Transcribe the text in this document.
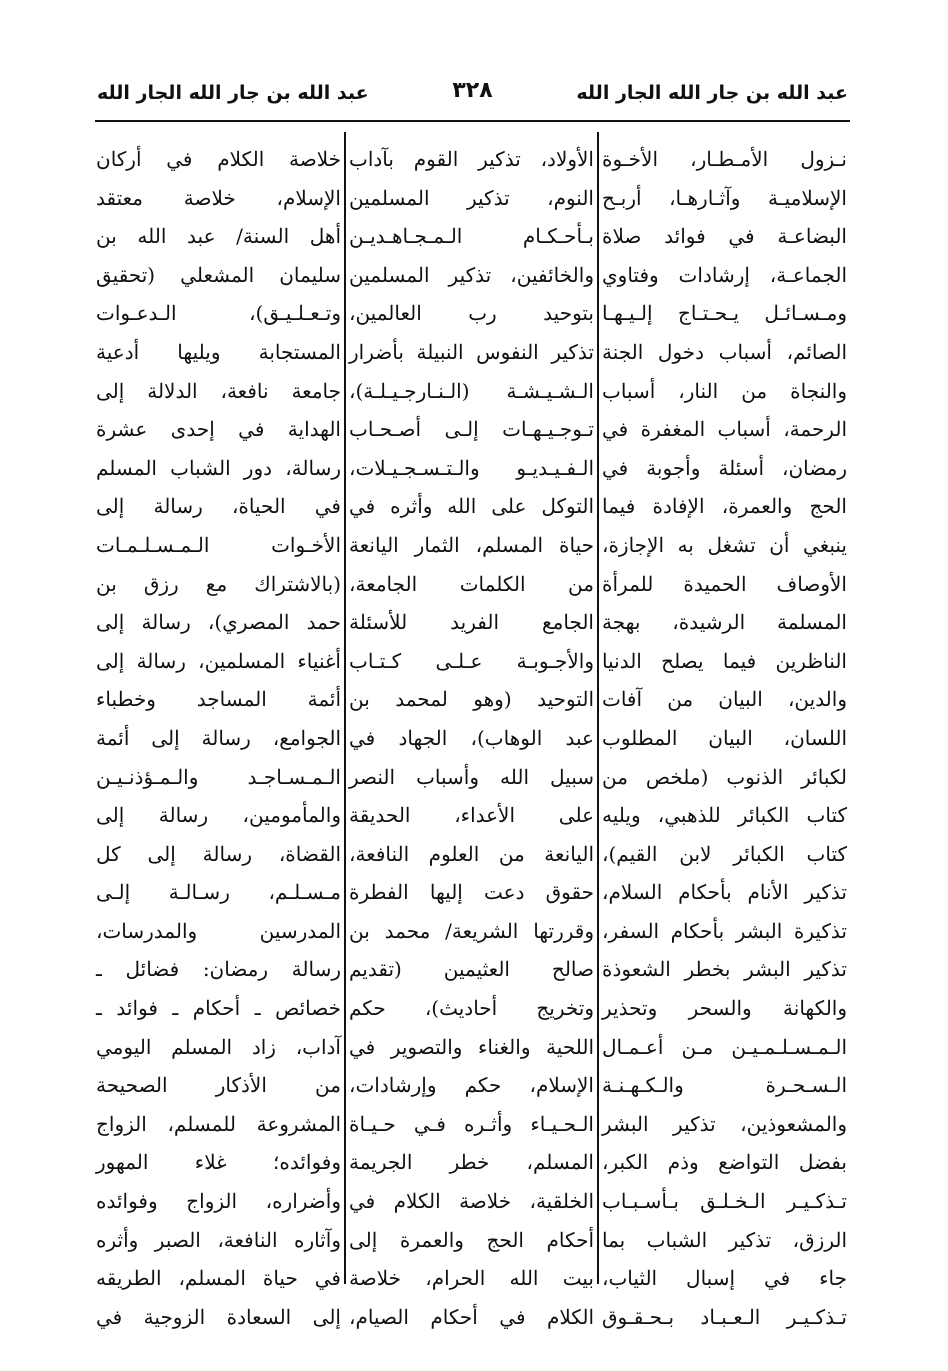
عبد الله بن جار الله الجار الله
٣٢٨
عبد الله بن جار الله الجار الله
نـزول الأمـطـار، الأخـوة
الإسلاميـة وآثـارهـا، أربـح
البضاعـة في فوائد صلاة
الجماعـة، إرشادات وفتاوي
ومـسـائـل يـحـتـاج إلـيـهـا
الصائم، أسباب دخول الجنة
والنجاة من النار، أسباب
الرحمة، أسباب المغفرة في
رمضان، أسئلة وأجوبة في
الحج والعمرة، الإفادة فيما
ينبغي أن تشغل به الإجازة،
الأوصاف الحميدة للمرأة
المسلمة الرشيدة، بهجة
الناظرين فيما يصلح الدنيا
والدين، البيان من آفات
اللسان، البيان المطلوب
لكبائر الذنوب (ملخص من
كتاب الكبائر للذهبي، ويليه
كتاب الكبائر لابن القيم)،
تذكير الأنام بأحكام السلام،
تذكيرة البشر بأحكام السفر،
تذكير البشر بخطر الشعوذة
والكهانة والسحر وتحذير
الـمـسـلـمـيـن مـن أعـمـال
الـسـحـرة والـكـهـنـة
والمشعوذين، تذكير البشر
بفضل التواضع وذم الكبر،
تـذكـيـر الـخـلـق بـأسـبـاب
الرزق، تذكير الشباب بما
جاء في إسبال الثياب،
تـذكـيـر الـعـبـاد بـحـقـوق
الأولاد، تذكير القوم بآداب
النوم، تذكير المسلمين
بـأحـكـام الـمـجـاهـديـن
والخائفين، تذكير المسلمين
بتوحيد رب العالمين،
تذكير النفوس النبيلة بأضرار
الـشـيـشـة (الـنـارجـيـلـة)،
تـوجـيـهـات إلـى أصـحـاب
الـفـيـديـو والـتـسـجـيـلات،
التوكل على الله وأثره في
حياة المسلم، الثمار اليانعة
من الكلمات الجامعة،
الجامع الفريد للأسئلة
والأجـوبـة عـلـى كـتـاب
التوحيد (وهو لمحمد بن
عبد الوهاب)، الجهاد في
سبيل الله وأسباب النصر
على الأعداء، الحديقة
اليانعة من العلوم النافعة،
حقوق دعت إليها الفطرة
وقررتها الشريعة/ محمد بن
صالح العثيمين (تقديم
وتخريج أحاديث)، حكم
اللحية والغناء والتصوير في
الإسلام، حكم وإرشادات،
الـحـيـاء وأثـره فـي حـيـاة
المسلم، خطر الجريمة
الخلقية، خلاصة الكلام في
أحكام الحج والعمرة إلى
بيت الله الحرام، خلاصة
الكلام في أحكام الصيام،
خلاصة الكلام في أركان
الإسلام، خلاصة معتقد
أهل السنة/ عبد الله بن
سليمان المشعلي (تحقيق
وتـعـلـيـق)، الـدعـوات
المستجابة ويليها أدعية
جامعة نافعة، الدلالة إلى
الهداية في إحدى عشرة
رسالة، دور الشباب المسلم
في الحياة، رسالة إلى
الأخـوات الـمـسـلـمـات
(بالاشتراك مع رزق بن
حمد المصري)، رسالة إلى
أغنياء المسلمين، رسالة إلى
أئمة المساجد وخطباء
الجوامع، رسالة إلى أئمة
الـمـسـاجـد والـمـؤذنـيـن
والمأمومين، رسالة إلى
القضاة، رسالة إلى كل
مـسـلـم، رسـالـة إلـى
المدرسين والمدرسات،
رسالة رمضان: فضائل ـ
خصائص ـ أحكام ـ فوائد ـ
آداب، زاد المسلم اليومي
من الأذكار الصحيحة
المشروعة للمسلم، الزواج
وفوائده؛ غلاء المهور
وأضراره، الزواج وفوائده
وآثاره النافعة، الصبر وأثره
في حياة المسلم، الطريقه
إلى السعادة الزوجية في
